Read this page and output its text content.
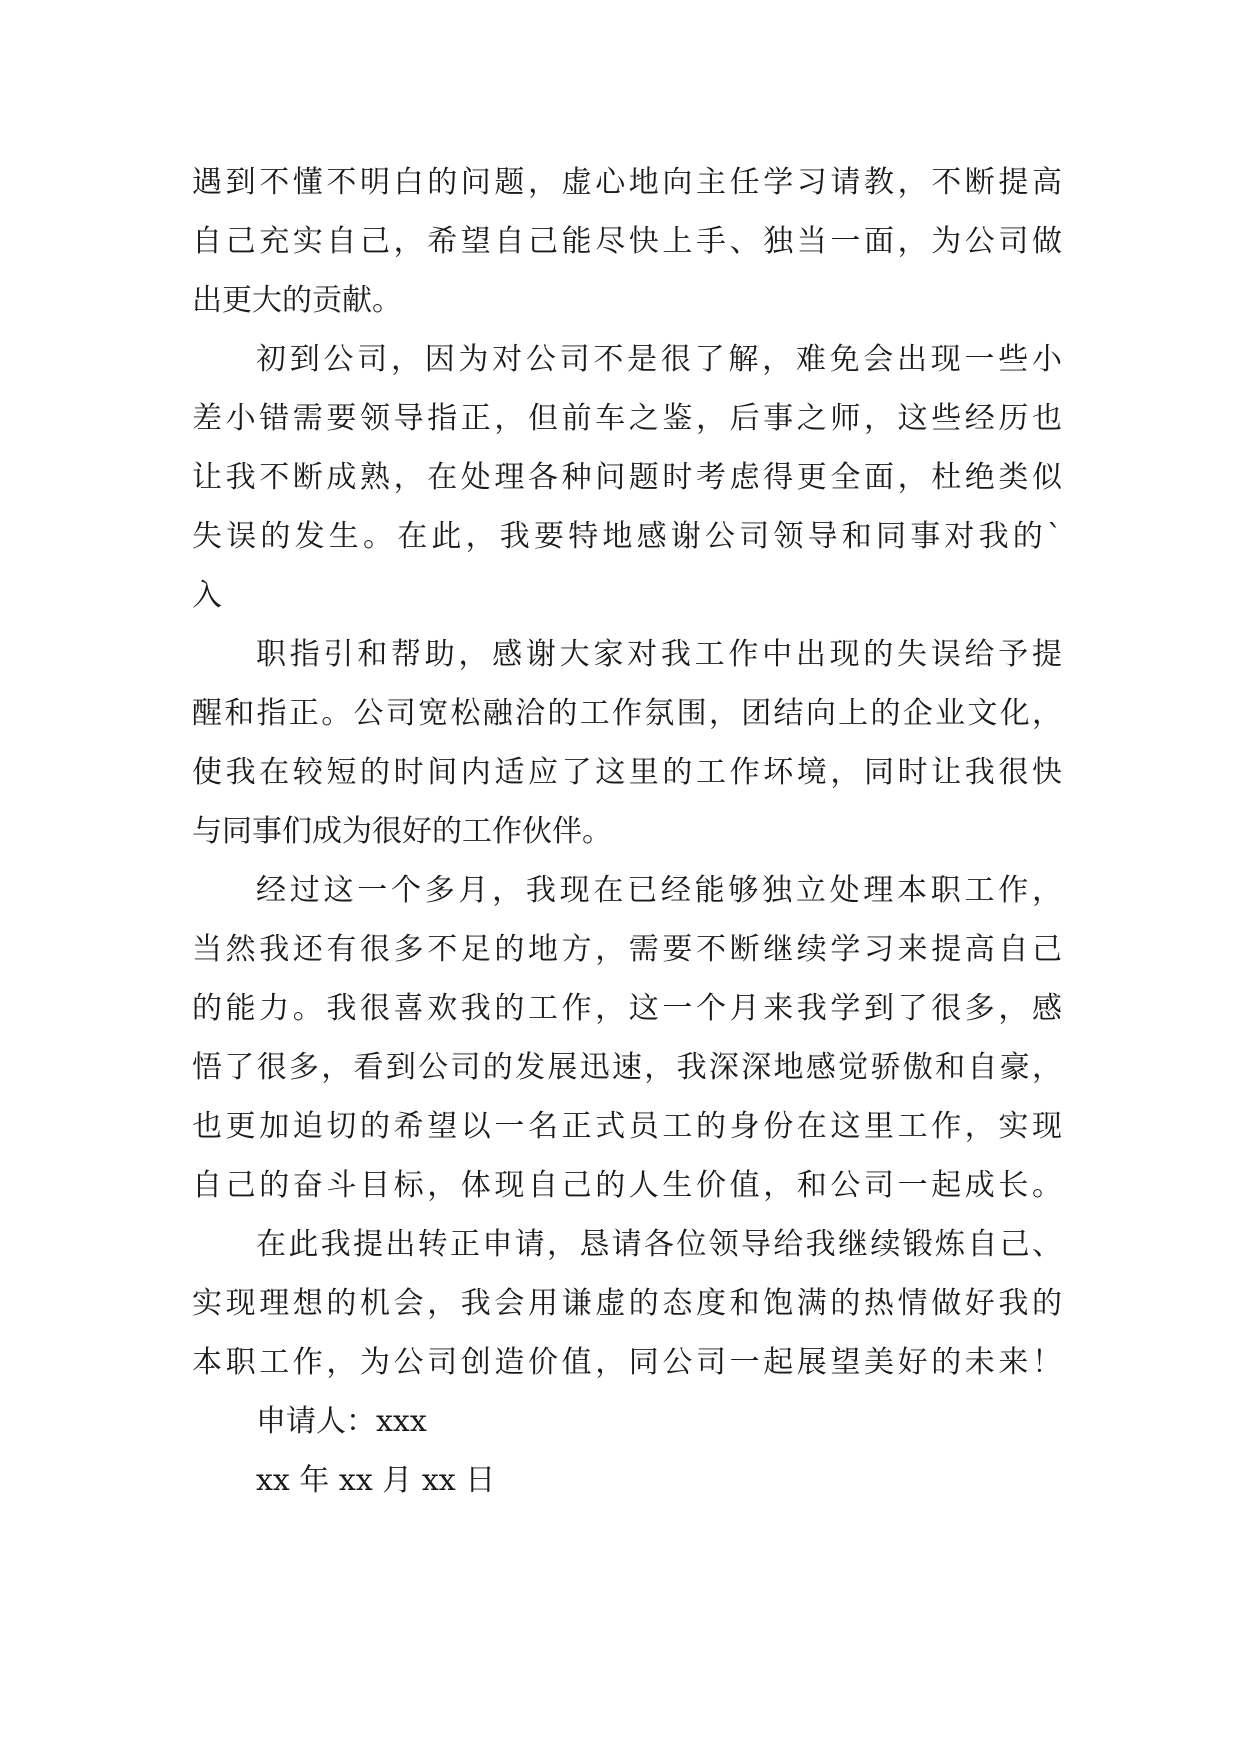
遇到不懂不明白的问题，虚心地向主任学习请教，不断提高

自己充实自己，希望自己能尽快上手、独当一面，为公司做

出更大的贡献。

初到公司，因为对公司不是很了解，难免会出现一些小

差小错需要领导指正，但前车之鉴，后事之师，这些经历也

让我不断成熟，在处理各种问题时考虑得更全面，杜绝类似

失误的发生。在此，我要特地感谢公司领导和同事对我的`

入

职指引和帮助，感谢大家对我工作中出现的失误给予提

醒和指正。公司宽松融洽的工作氛围，团结向上的企业文化，

使我在较短的时间内适应了这里的工作坏境，同时让我很快

与同事们成为很好的工作伙伴。

经过这一个多月，我现在已经能够独立处理本职工作，

当然我还有很多不足的地方，需要不断继续学习来提高自己

的能力。我很喜欢我的工作，这一个月来我学到了很多，感

悟了很多，看到公司的发展迅速，我深深地感觉骄傲和自豪，

也更加迫切的希望以一名正式员工的身份在这里工作，实现

自己的奋斗目标，体现自己的人生价值，和公司一起成长。

在此我提出转正申请，恳请各位领导给我继续锻炼自己、

实现理想的机会，我会用谦虚的态度和饱满的热情做好我的

本职工作，为公司创造价值，同公司一起展望美好的未来！

申请人：xxx

xx 年 xx 月 xx 日
